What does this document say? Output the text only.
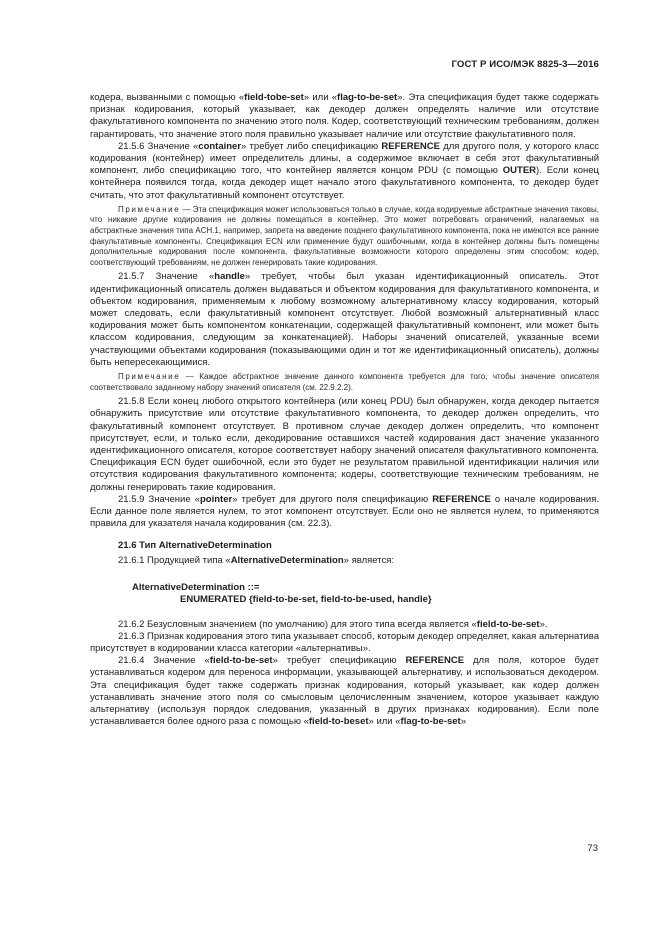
ГОСТ Р ИСО/МЭК 8825-3—2016

кодера, вызванными с помощью «field-tobe-set» или «flag-to-be-set». Эта спецификация будет также содержать признак кодирования, который указывает, как декодер должен определять наличие или отсутствие факультативного компонента по значению этого поля. Кодер, соответствующий техническим требованиям, должен гарантировать, что значение этого поля правильно указывает наличие или отсутствие факультативного поля.

21.5.6 Значение «container» требует либо спецификацию REFERENCE для другого поля, у которого класс кодирования (контейнер) имеет определитель длины, а содержимое включает в себя этот факультативный компонент, либо спецификацию того, что контейнер является концом PDU (с помощью OUTER). Если конец контейнера появился тогда, когда декодер ищет начало этого факультативного компонента, то декодер будет считать, что этот факультативный компонент отсутствует.

Примечание — Эта спецификация может использоваться только в случае, когда кодируемые абстрактные значения таковы, что никакие другие кодирования не должны помещаться в контейнер. Это может потребовать ограничений, налагаемых на абстрактные значения типа ACH.1, например, запрета на введение позднего факультативного компонента, пока не имеются все ранние факультативные компоненты. Спецификация ECN или применение будут ошибочными, когда в контейнер должны быть помещены дополнительные кодирования после компонента, факультативные возможности которого определены этим способом; кодер, соответствующий требованиям, не должен генерировать такие кодирования.

21.5.7 Значение «handle» требует, чтобы был указан идентификационный описатель. Этот идентификационный описатель должен выдаваться и объектом кодирования для факультативного компонента, и объектом кодирования, применяемым к любому возможному альтернативному классу кодирования, который может следовать, если факультативный компонент отсутствует. Любой возможный альтернативный класс кодирования может быть компонентом конкатенации, содержащей факультативный компонент, или может быть классом кодирования, следующим за конкатенацией). Наборы значений описателей, указанные всеми участвующими объектами кодирования (показывающими один и тот же идентификационный описатель), должны быть непересекающимися.

Примечание — Каждое абстрактное значение данного компонента требуется для того, чтобы значение описателя соответствовало заданному набору значений описателя (см. 22.9.2.2).

21.5.8 Если конец любого открытого контейнера (или конец PDU) был обнаружен, когда декодер пытается обнаружить присутствие или отсутствие факультативного компонента, то декодер должен определить, что факультативный компонент отсутствует. В противном случае декодер должен определить, что компонент присутствует, если, и только если, декодирование оставшихся частей кодирования даст значение указанного идентификационного описателя, которое соответствует набору значений описателя факультативного компонента. Спецификация ECN будет ошибочной, если это будет не результатом правильной идентификации наличия или отсутствия кодирования факультативного компонента; кодеры, соответствующие техническим требованиям, не должны генерировать такие кодирования.

21.5.9 Значение «pointer» требует для другого поля спецификацию REFERENCE о начале кодирования. Если данное поле является нулем, то этот компонент отсутствует. Если оно не является нулем, то применяются правила для указателя начала кодирования (см. 22.3).

21.6 Тип AlternativeDetermination

21.6.1 Продукцией типа «AlternativeDetermination» является:

AlternativeDetermination ::=
ENUMERATED {field-to-be-set, field-to-be-used, handle}

21.6.2 Безусловным значением (по умолчанию) для этого типа всегда является «field-to-be-set».

21.6.3 Признак кодирования этого типа указывает способ, которым декодер определяет, какая альтернатива присутствует в кодировании класса категории «альтернативы».

21.6.4 Значение «field-to-be-set» требует спецификацию REFERENCE для поля, которое будет устанавливаться кодером для переноса информации, указывающей альтернативу, и использоваться декодером. Эта спецификация будет также содержать признак кодирования, который указывает, как кодер должен устанавливать значение этого поля со смысловым целочисленным значением, которое указывает каждую альтернативу (используя порядок следования, указанный в других признаках кодирования). Если поле устанавливается более одного раза с помощью «field-to-beset» или «flag-to-be-set»

73
